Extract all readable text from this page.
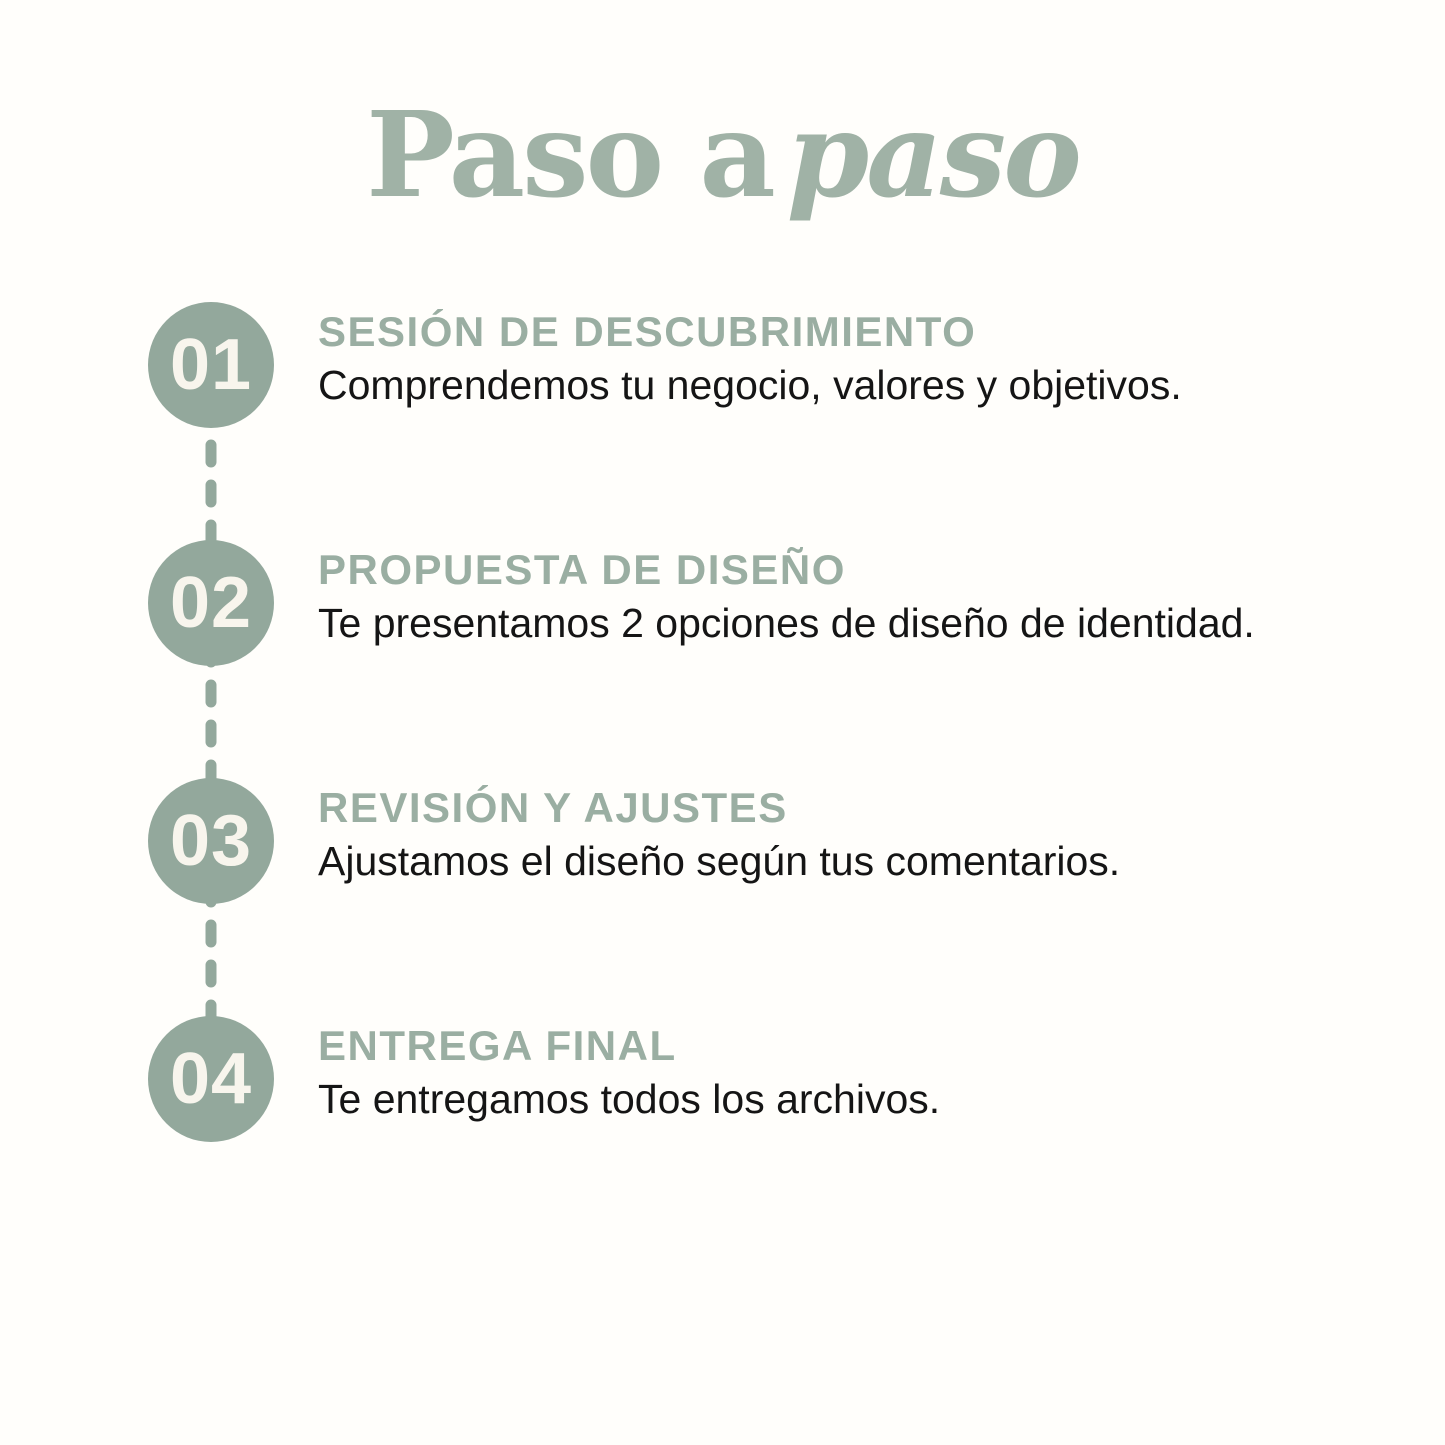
Paso a paso
01 SESIÓN DE DESCUBRIMIENTO
Comprendemos tu negocio, valores y objetivos.
02 PROPUESTA DE DISEÑO
Te presentamos 2 opciones de diseño de identidad.
03 REVISIÓN Y AJUSTES
Ajustamos el diseño según tus comentarios.
04 ENTREGA FINAL
Te entregamos todos los archivos.
